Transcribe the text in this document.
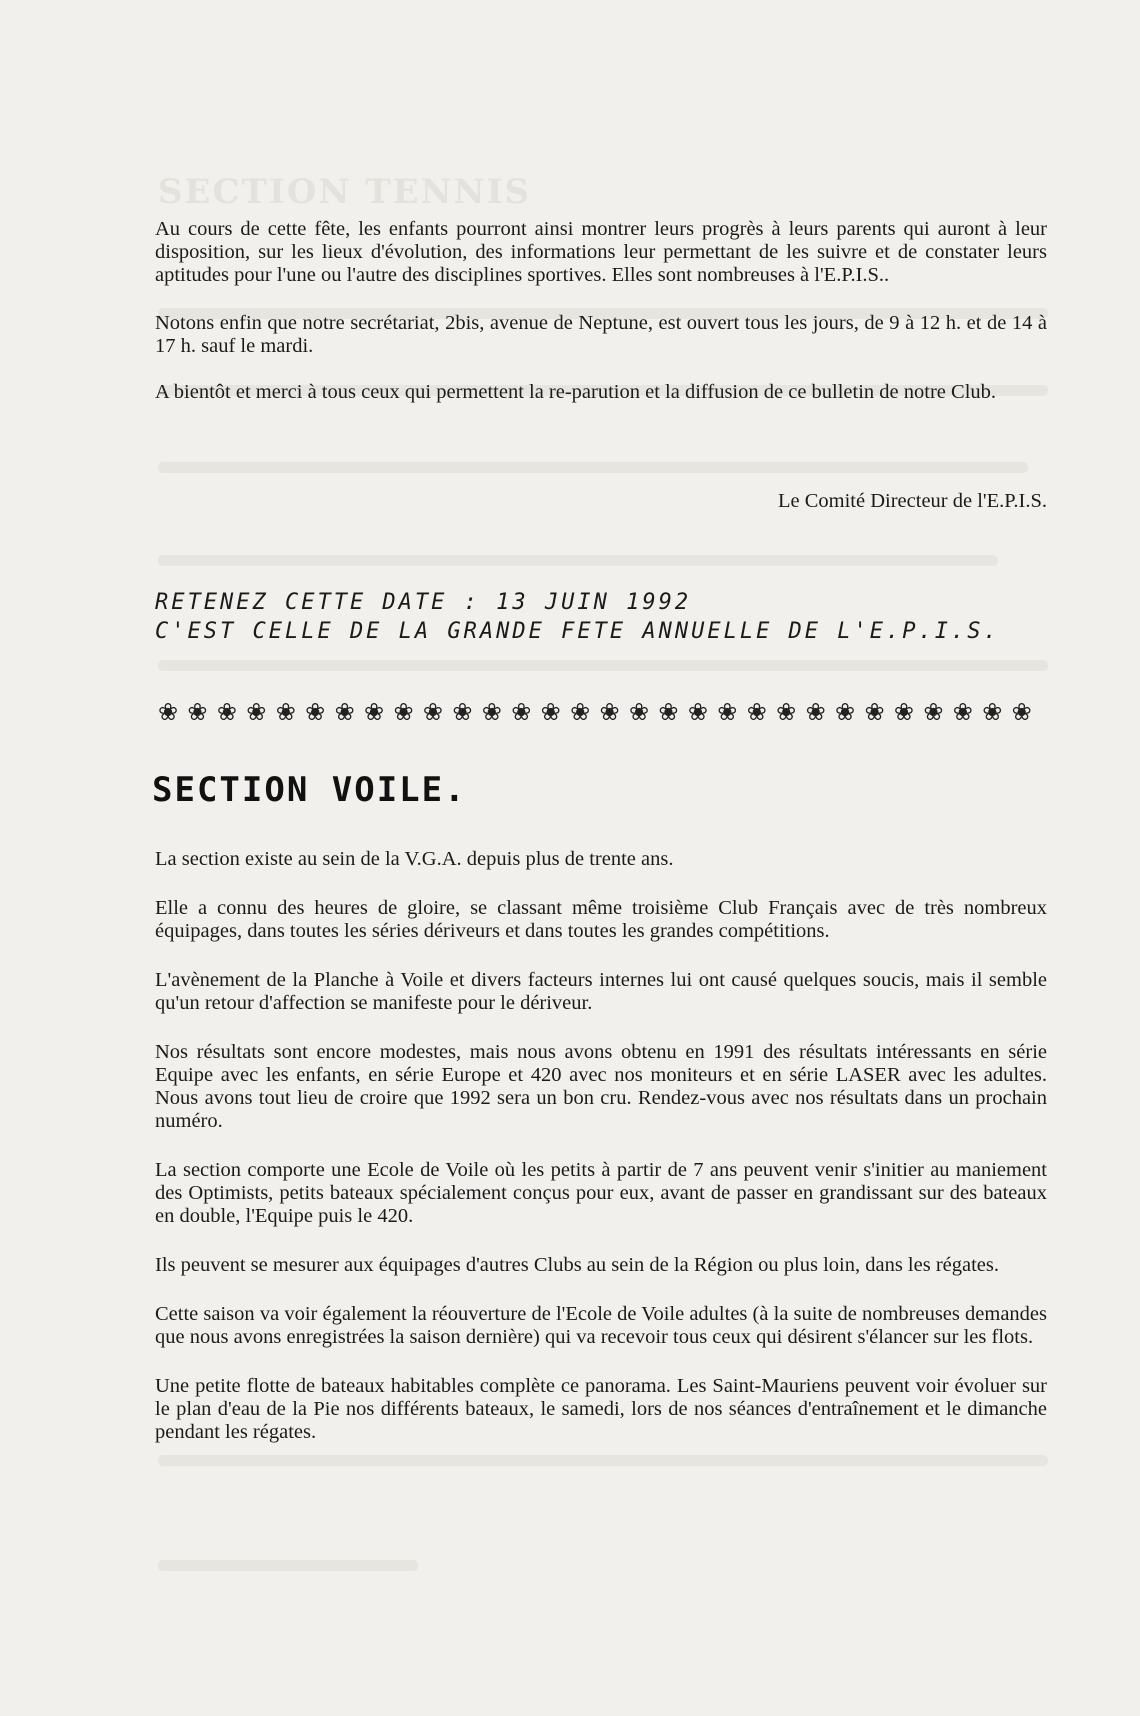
SECTION TENNIS

Au cours de cette fête, les enfants pourront ainsi montrer leurs progrès à leurs parents qui auront à leur disposition, sur les lieux d'évolution, des informations leur permettant de les suivre et de constater leurs aptitudes pour l'une ou l'autre des disciplines sportives. Elles sont nombreuses à l'E.P.I.S..

Notons enfin que notre secrétariat, 2bis, avenue de Neptune, est ouvert tous les jours, de 9 à 12 h. et de 14 à 17 h. sauf le mardi.

A bientôt et merci à tous ceux qui permettent la re-parution et la diffusion de ce bulletin de notre Club.

Le Comité Directeur de l'E.P.I.S.
RETENEZ CETTE DATE : 13 JUIN 1992
C'EST CELLE DE LA GRANDE FETE ANNUELLE DE L'E.P.I.S.
❀ ❀ ❀ ❀ ❀ ❀ ❀ ❀ ❀ ❀ ❀ ❀ ❀ ❀ ❀ ❀ ❀ ❀ ❀ ❀ ❀ ❀ ❀ ❀ ❀ ❀ ❀ ❀ ❀ ❀
SECTION VOILE.

La section existe au sein de la V.G.A. depuis plus de trente ans.

Elle a connu des heures de gloire, se classant même troisième Club Français avec de très nombreux équipages, dans toutes les séries dériveurs et dans toutes les grandes compétitions.

L'avènement de la Planche à Voile et divers facteurs internes lui ont causé quelques soucis, mais il semble qu'un retour d'affection se manifeste pour le dériveur.

Nos résultats sont encore modestes, mais nous avons obtenu en 1991 des résultats intéressants en série Equipe avec les enfants, en série Europe et 420 avec nos moniteurs et en série LASER avec les adultes. Nous avons tout lieu de croire que 1992 sera un bon cru. Rendez-vous avec nos résultats dans un prochain numéro.

La section comporte une Ecole de Voile où les petits à partir de 7 ans peuvent venir s'initier au maniement des Optimists, petits bateaux spécialement conçus pour eux, avant de passer en grandissant sur des bateaux en double, l'Equipe puis le 420.

Ils peuvent se mesurer aux équipages d'autres Clubs au sein de la Région ou plus loin, dans les régates.

Cette saison va voir également la réouverture de l'Ecole de Voile adultes (à la suite de nombreuses demandes que nous avons enregistrées la saison dernière) qui va recevoir tous ceux qui désirent s'élancer sur les flots.

Une petite flotte de bateaux habitables complète ce panorama. Les Saint-Mauriens peuvent voir évoluer sur le plan d'eau de la Pie nos différents bateaux, le samedi, lors de nos séances d'entraînement et le dimanche pendant les régates.
